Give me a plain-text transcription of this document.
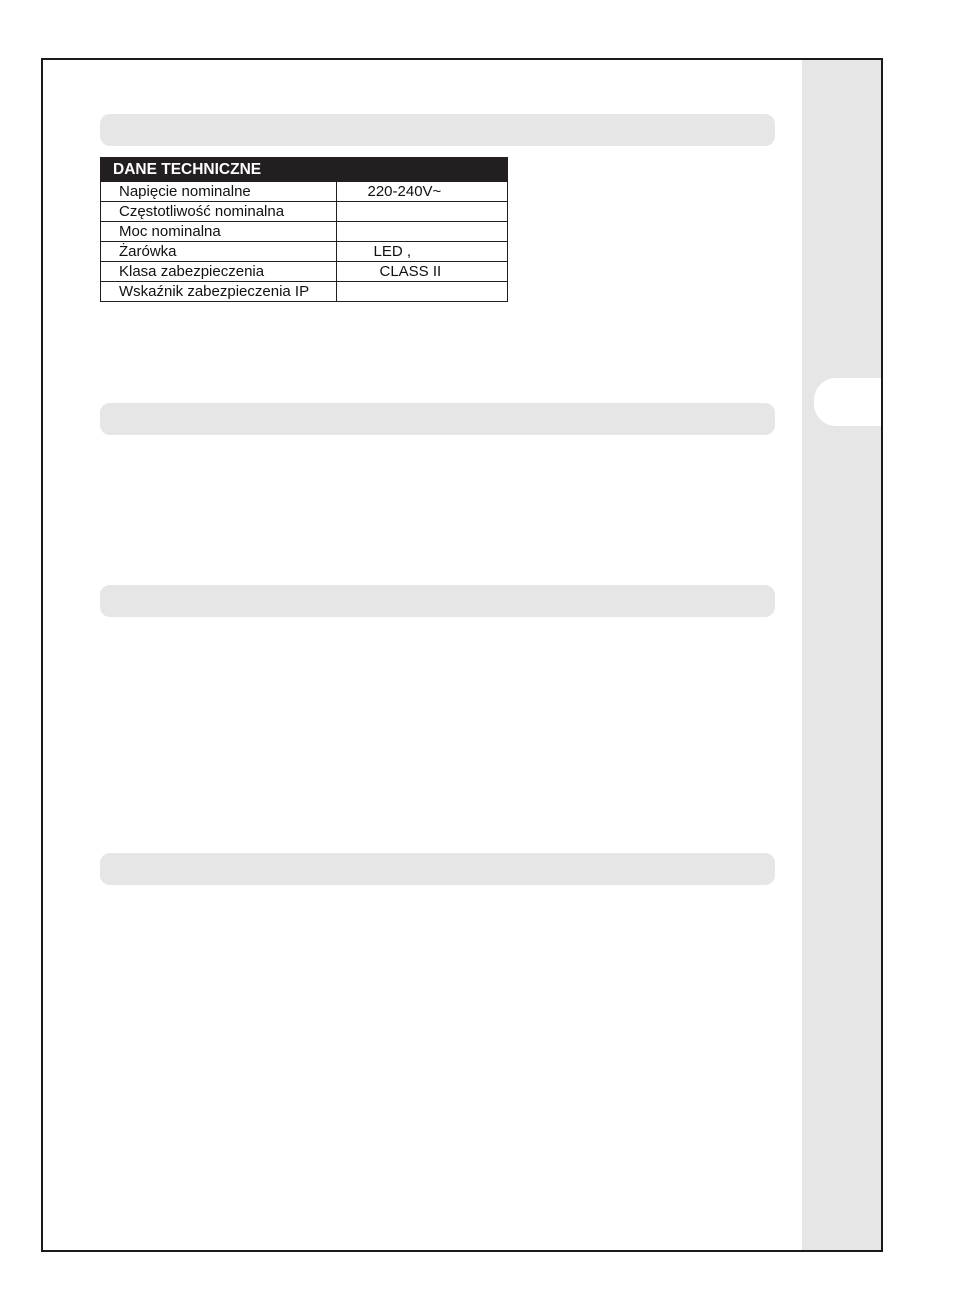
DANE TECHNICZNE	
Napięcie nominalne	220-240V~
Częstotliwość nominalna	
Moc nominalna	
Żarówka	LED ,
Klasa zabezpieczenia	CLASS II
Wskaźnik zabezpieczenia IP	
